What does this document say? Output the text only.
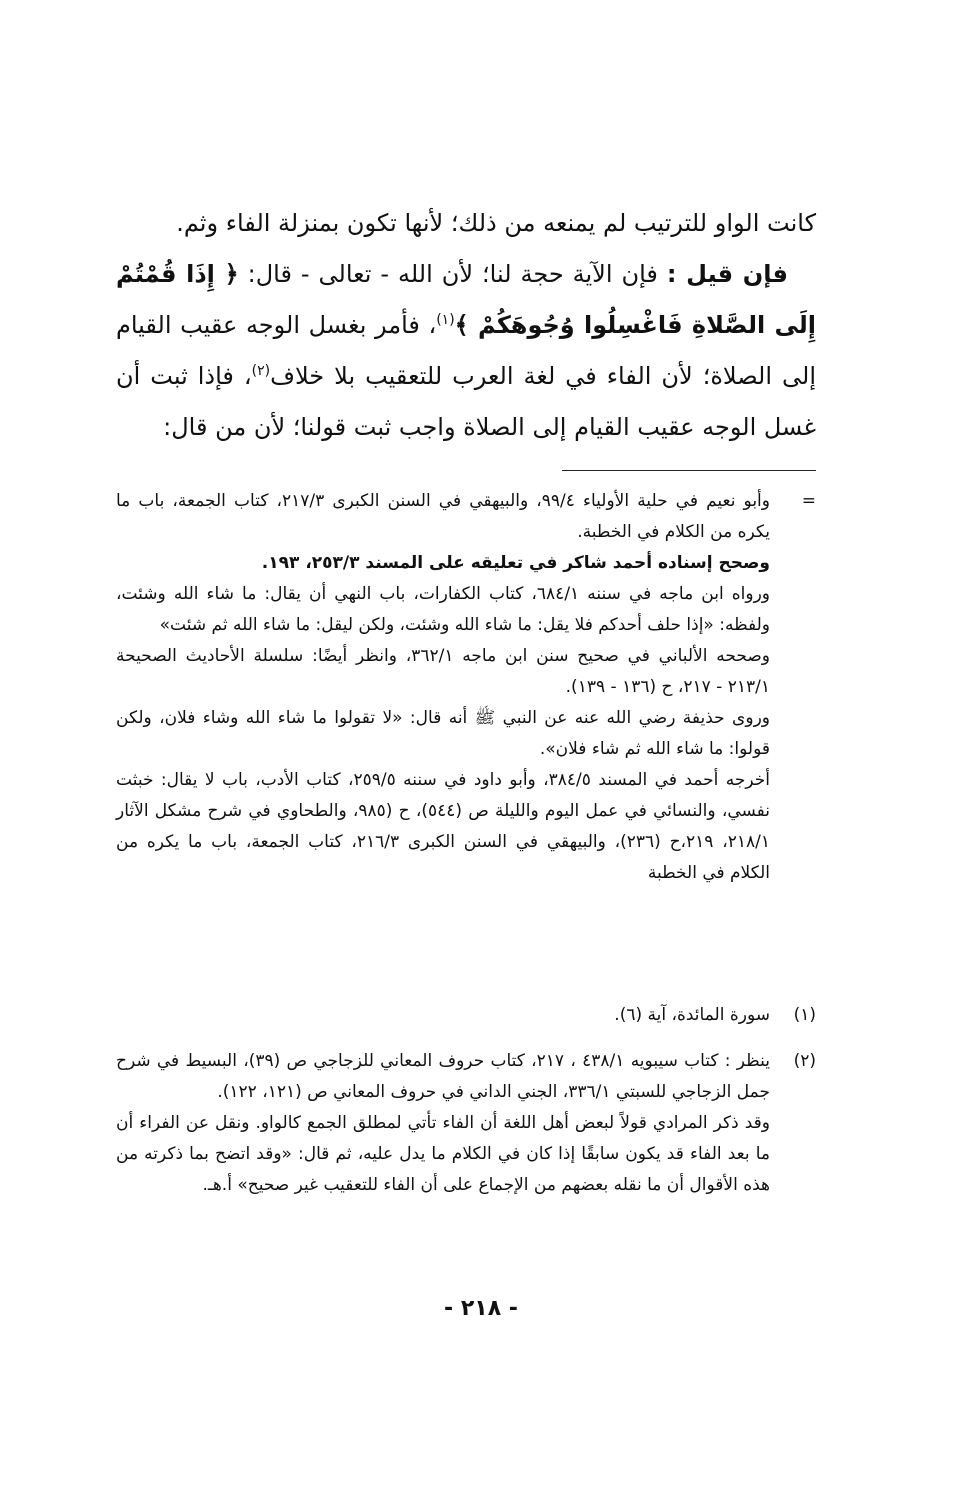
كانت الواو للترتيب لم يمنعه من ذلك؛ لأنها تكون بمنزلة الفاء وثم.

فإن قيل : فإن الآية حجة لنا؛ لأن الله - تعالى - قال: ﴿ إِذَا قُمْتُمْ إِلَى الصَّلاةِ فَاغْسِلُوا وُجُوهَكُمْ ﴾$^{(١)}$، فأمر بغسل الوجه عقيب القيام إلى الصلاة؛ لأن الفاء في لغة العرب للتعقيب بلا خلاف$^{(٢)}$، فإذا ثبت أن غسل الوجه عقيب القيام إلى الصلاة واجب ثبت قولنا؛ لأن من قال:

=

وأبو نعيم في حلية الأولياء ٩٩/٤، والبيهقي في السنن الكبرى ٢١٧/٣، كتاب الجمعة، باب ما يكره من الكلام في الخطبة.

وصحح إسناده أحمد شاكر في تعليقه على المسند ٢٥٣/٣، ١٩٣.

ورواه ابن ماجه في سننه ٦٨٤/١، كتاب الكفارات، باب النهي أن يقال: ما شاء الله وشئت، ولفظه: «إذا حلف أحدكم فلا يقل: ما شاء الله وشئت، ولكن ليقل: ما شاء الله ثم شئت»

وصححه الألباني في صحيح سنن ابن ماجه ٣٦٢/١، وانظر أيضًا: سلسلة الأحاديث الصحيحة ٢١٣/١ - ٢١٧، ح (١٣٦ - ١٣٩).

وروى حذيفة رضي الله عنه عن النبي ﷺ أنه قال: «لا تقولوا ما شاء الله وشاء فلان، ولكن قولوا: ما شاء الله ثم شاء فلان».

أخرجه أحمد في المسند ٣٨٤/٥، وأبو داود في سننه ٢٥٩/٥، كتاب الأدب، باب لا يقال: خبثت نفسي، والنسائي في عمل اليوم والليلة ص (٥٤٤)، ح (٩٨٥، والطحاوي في شرح مشكل الآثار ٢١٨/١، ٢١٩،ح (٢٣٦)، والبيهقي في السنن الكبرى ٢١٦/٣، كتاب الجمعة، باب ما يكره من الكلام في الخطبة

(١)

سورة المائدة، آية (٦).

(٢)

ينظر : كتاب سيبويه ٤٣٨/١ ، ٢١٧، كتاب حروف المعاني للزجاجي ص (٣٩)، البسيط في شرح جمل الزجاجي للسبتي ٣٣٦/١، الجني الداني في حروف المعاني ص (١٢١، ١٢٢).

وقد ذكر المرادي قولاً لبعض أهل اللغة أن الفاء تأتي لمطلق الجمع كالواو. ونقل عن الفراء أن ما بعد الفاء قد يكون سابقًا إذا كان في الكلام ما يدل عليه، ثم قال: «وقد اتضح بما ذكرته من هذه الأقوال أن ما نقله بعضهم من الإجماع على أن الفاء للتعقيب غير صحيح» أ.هـ.

- ٢١٨ -
